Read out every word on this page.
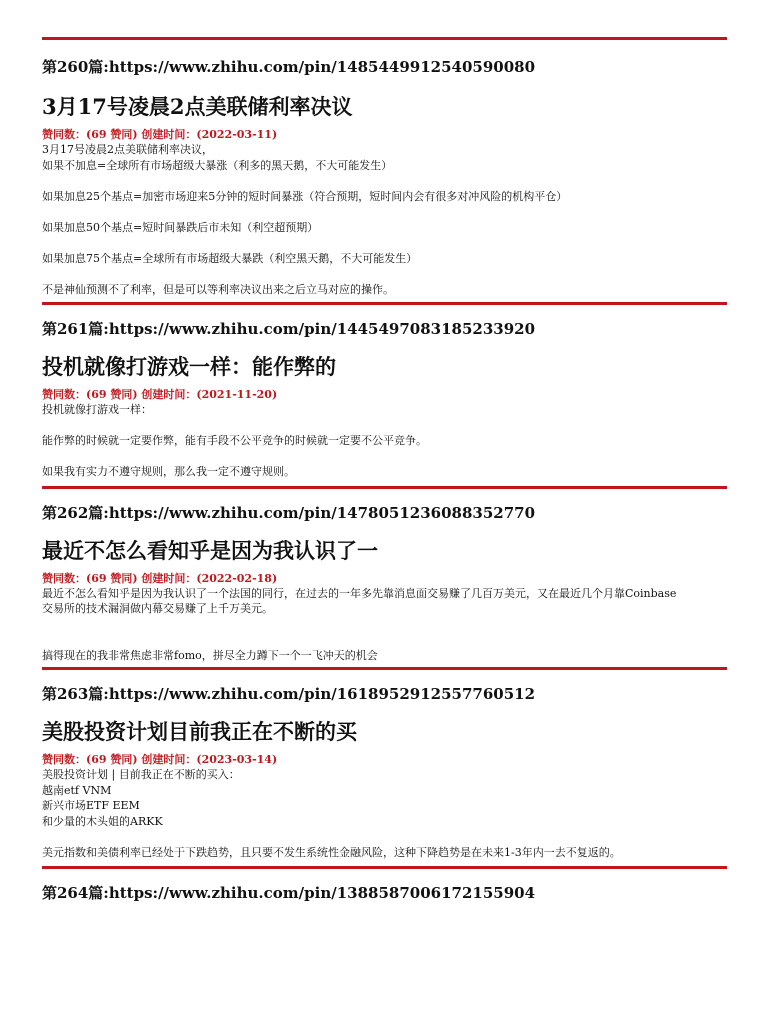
第260篇:https://www.zhihu.com/pin/1485449912540590080

3月17号凌晨2点美联储利率决议

赞同数：(69 赞同) 创建时间：(2022-03-11)

3月17号凌晨2点美联储利率决议，

如果不加息=全球所有市场超级大暴涨（利多的黑天鹅，不大可能发生）

如果加息25个基点=加密市场迎来5分钟的短时间暴涨（符合预期，短时间内会有很多对冲风险的机构平仓）

如果加息50个基点=短时间暴跌后市未知（利空超预期）

如果加息75个基点=全球所有市场超级大暴跌（利空黑天鹅，不大可能发生）

不是神仙预测不了利率，但是可以等利率决议出来之后立马对应的操作。

第261篇:https://www.zhihu.com/pin/1445497083185233920

投机就像打游戏一样：能作弊的

赞同数：(69 赞同) 创建时间：(2021-11-20)

投机就像打游戏一样：

能作弊的时候就一定要作弊，能有手段不公平竞争的时候就一定要不公平竞争。

如果我有实力不遵守规则，那么我一定不遵守规则。

第262篇:https://www.zhihu.com/pin/1478051236088352770

最近不怎么看知乎是因为我认识了一

赞同数：(69 赞同) 创建时间：(2022-02-18)

最近不怎么看知乎是因为我认识了一个法国的同行，在过去的一年多先靠消息面交易赚了几百万美元，又在最近几个月靠Coinbase

交易所的技术漏洞做内幕交易赚了上千万美元。

搞得现在的我非常焦虑非常fomo，拼尽全力蹲下一个一飞冲天的机会

第263篇:https://www.zhihu.com/pin/1618952912557760512

美股投资计划目前我正在不断的买

赞同数：(69 赞同) 创建时间：(2023-03-14)

美股投资计划 | 目前我正在不断的买入：

越南etf VNM

新兴市场ETF EEM

和少量的木头姐的ARKK

美元指数和美债利率已经处于下跌趋势，且只要不发生系统性金融风险，这种下降趋势是在未来1-3年内一去不复返的。

第264篇:https://www.zhihu.com/pin/1388587006172155904
